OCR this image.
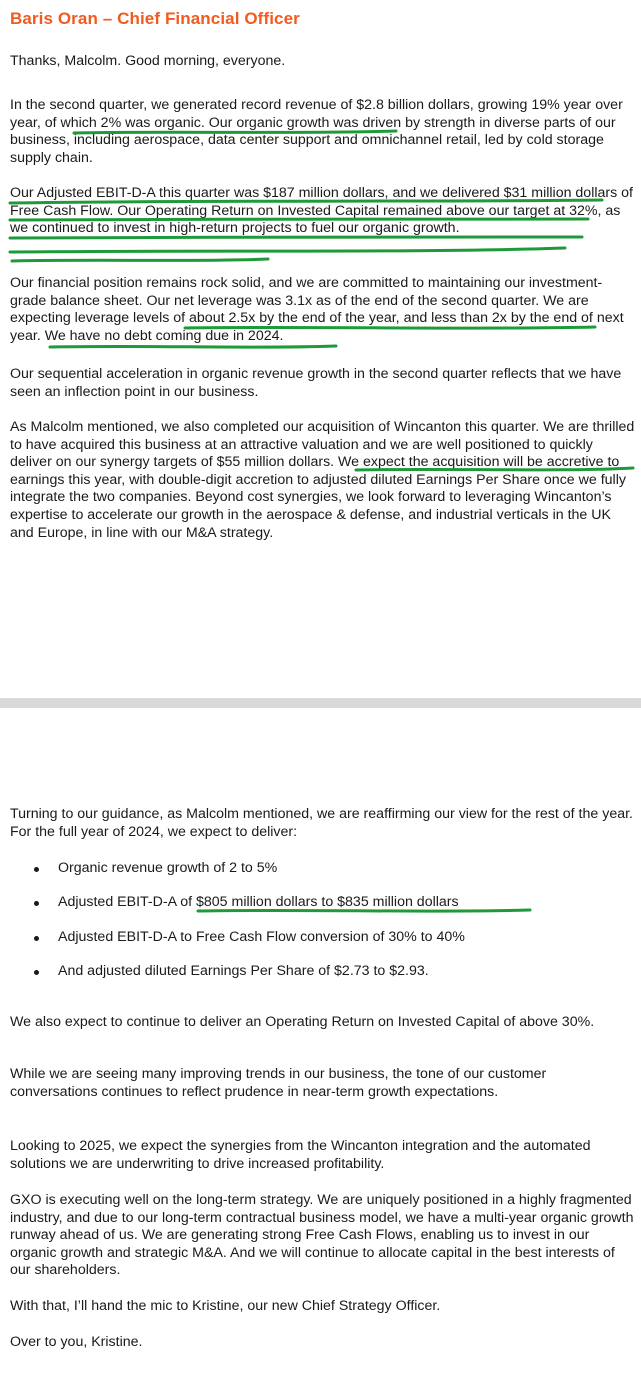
Baris Oran – Chief Financial Officer

Thanks, Malcolm. Good morning, everyone.

In the second quarter, we generated record revenue of $2.8 billion dollars, growing 19% year over year, of which 2% was organic. Our organic growth was driven by strength in diverse parts of our business, including aerospace, data center support and omnichannel retail, led by cold storage supply chain.

Our Adjusted EBIT-D-A this quarter was $187 million dollars, and we delivered $31 million dollars of Free Cash Flow. Our Operating Return on Invested Capital remained above our target at 32%, as we continued to invest in high-return projects to fuel our organic growth.

Our financial position remains rock solid, and we are committed to maintaining our investment-grade balance sheet. Our net leverage was 3.1x as of the end of the second quarter. We are expecting leverage levels of about 2.5x by the end of the year, and less than 2x by the end of next year. We have no debt coming due in 2024.

Our sequential acceleration in organic revenue growth in the second quarter reflects that we have seen an inflection point in our business.

As Malcolm mentioned, we also completed our acquisition of Wincanton this quarter. We are thrilled to have acquired this business at an attractive valuation and we are well positioned to quickly deliver on our synergy targets of $55 million dollars. We expect the acquisition will be accretive to earnings this year, with double-digit accretion to adjusted diluted Earnings Per Share once we fully integrate the two companies. Beyond cost synergies, we look forward to leveraging Wincanton’s expertise to accelerate our growth in the aerospace & defense, and industrial verticals in the UK and Europe, in line with our M&A strategy.

Turning to our guidance, as Malcolm mentioned, we are reaffirming our view for the rest of the year. For the full year of 2024, we expect to deliver:

Organic revenue growth of 2 to 5%
Adjusted EBIT-D-A of $805 million dollars to $835 million dollars
Adjusted EBIT-D-A to Free Cash Flow conversion of 30% to 40%
And adjusted diluted Earnings Per Share of $2.73 to $2.93.

We also expect to continue to deliver an Operating Return on Invested Capital of above 30%.

While we are seeing many improving trends in our business, the tone of our customer conversations continues to reflect prudence in near-term growth expectations.

Looking to 2025, we expect the synergies from the Wincanton integration and the automated solutions we are underwriting to drive increased profitability.

GXO is executing well on the long-term strategy. We are uniquely positioned in a highly fragmented industry, and due to our long-term contractual business model, we have a multi-year organic growth runway ahead of us. We are generating strong Free Cash Flows, enabling us to invest in our organic growth and strategic M&A. And we will continue to allocate capital in the best interests of our shareholders.

With that, I’ll hand the mic to Kristine, our new Chief Strategy Officer.

Over to you, Kristine.
